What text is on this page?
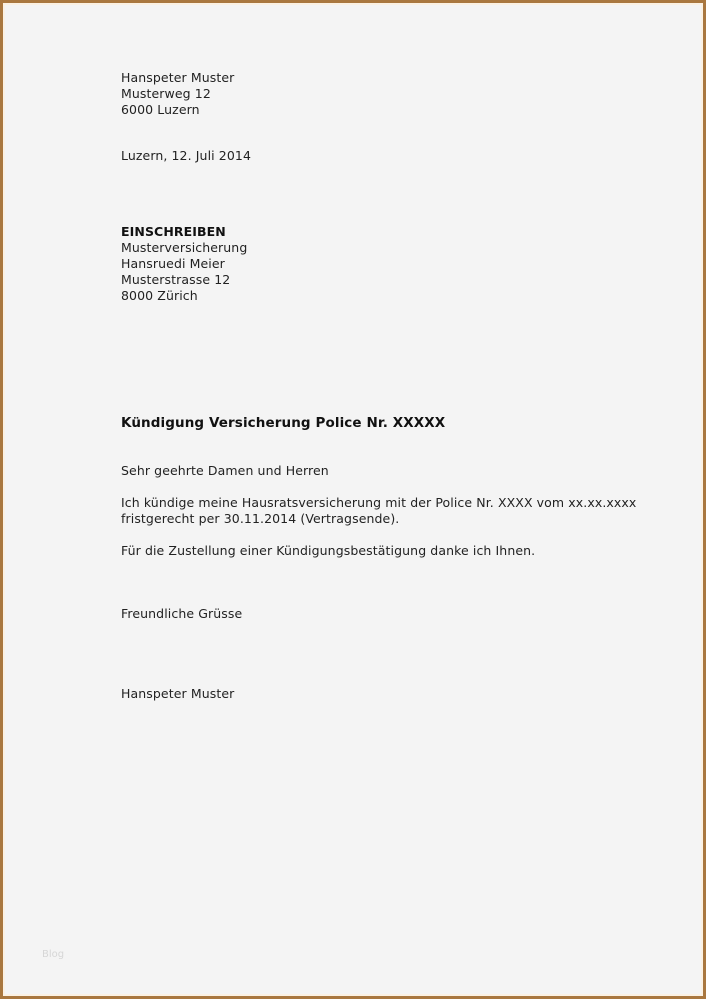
Hanspeter Muster
Musterweg 12
6000 Luzern
Luzern, 12. Juli 2014
EINSCHREIBEN
Musterversicherung
Hansruedi Meier
Musterstrasse 12
8000 Zürich
Kündigung Versicherung Police Nr. XXXXX
Sehr geehrte Damen und Herren
Ich kündige meine Hausratsversicherung mit der Police Nr. XXXX vom xx.xx.xxxx
fristgerecht per 30.11.2014 (Vertragsende).
Für die Zustellung einer Kündigungsbestätigung danke ich Ihnen.
Freundliche Grüsse
Hanspeter Muster
Blog
